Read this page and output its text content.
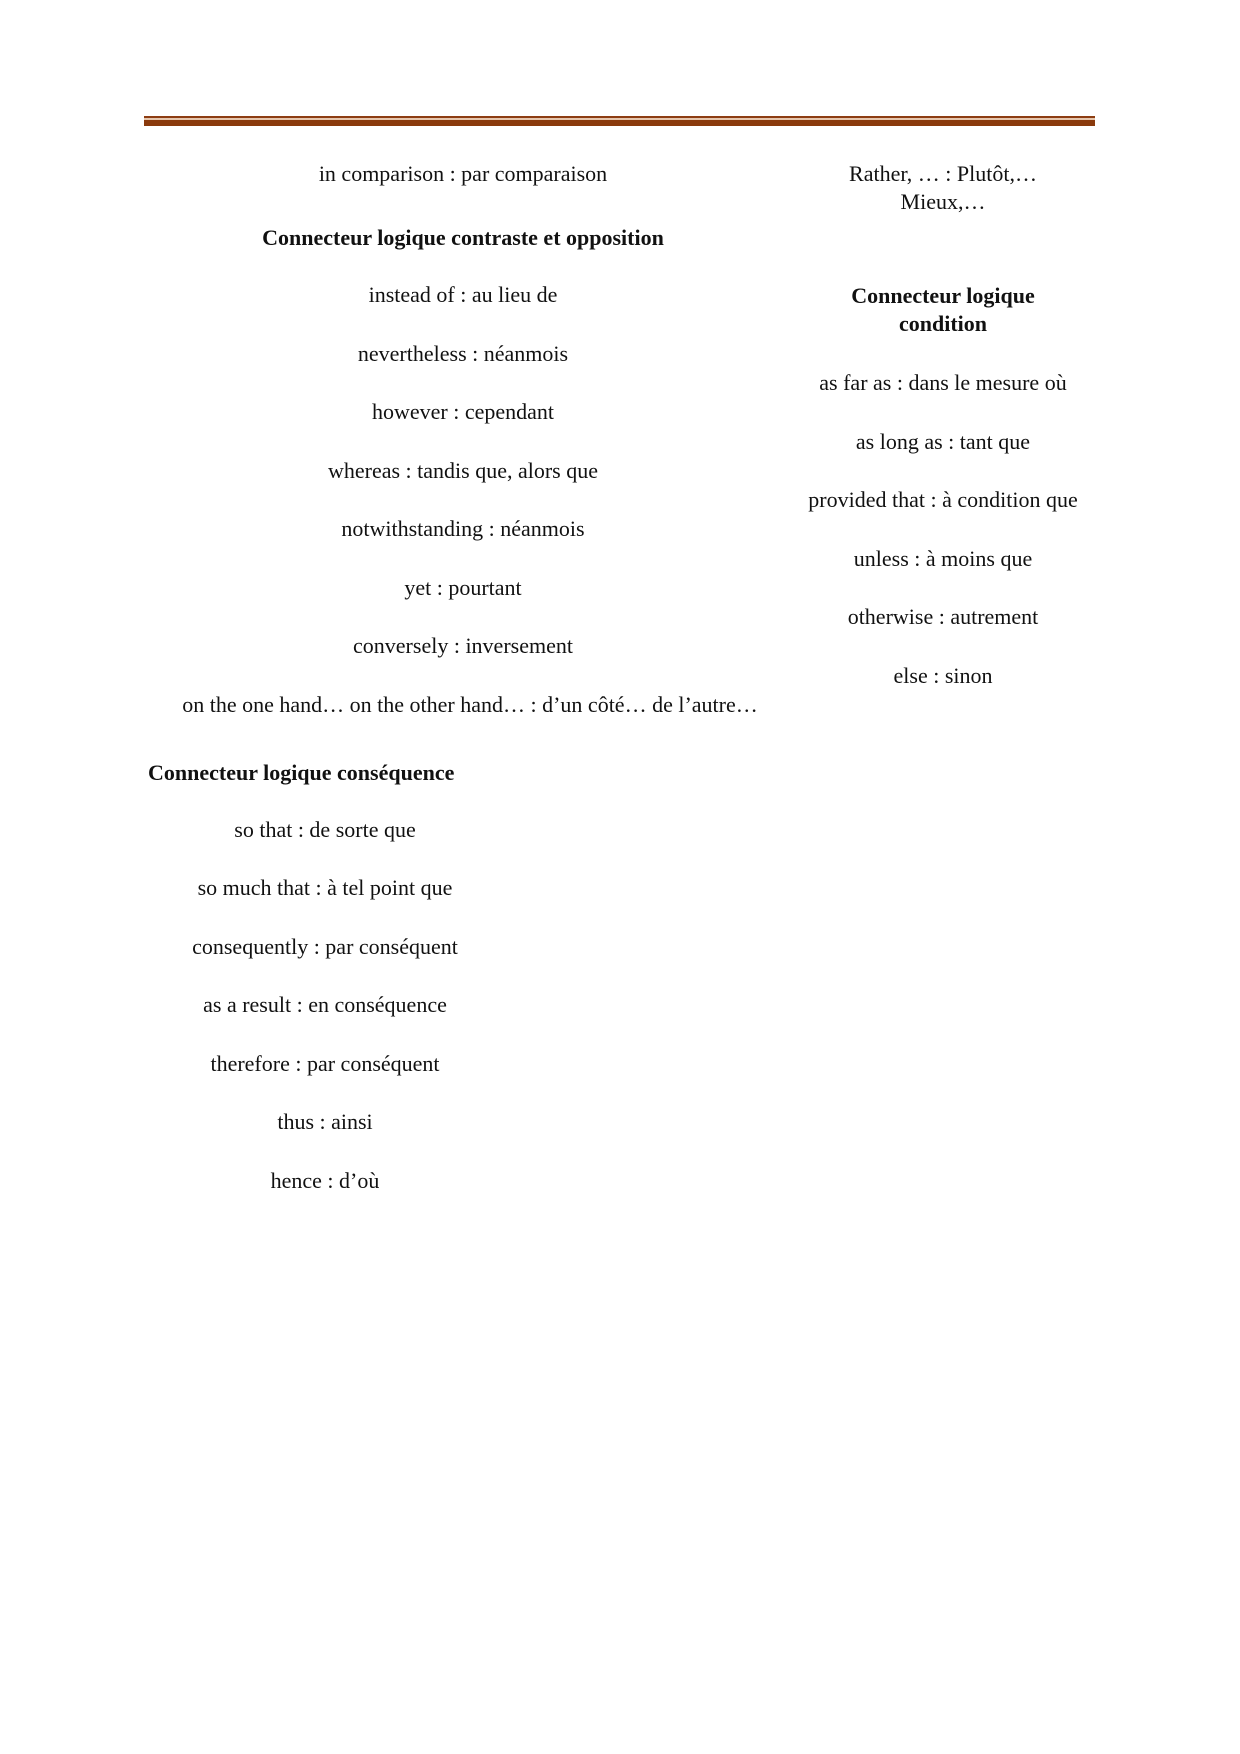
in comparison : par comparaison
Connecteur logique contraste et opposition
instead of : au lieu de
nevertheless : néanmois
however : cependant
whereas : tandis que, alors que
notwithstanding : néanmois
yet : pourtant
conversely : inversement
on the one hand… on the other hand… : d’un côté… de l’autre…
Connecteur logique conséquence
so that : de sorte que
so much that : à tel point que
consequently : par conséquent
as a result : en conséquence
therefore : par conséquent
thus : ainsi
hence : d’où
Rather, … : Plutôt,… Mieux,…
Connecteur logique condition
as far as : dans le mesure où
as long as : tant que
provided that : à condition que
unless : à moins que
otherwise : autrement
else : sinon
